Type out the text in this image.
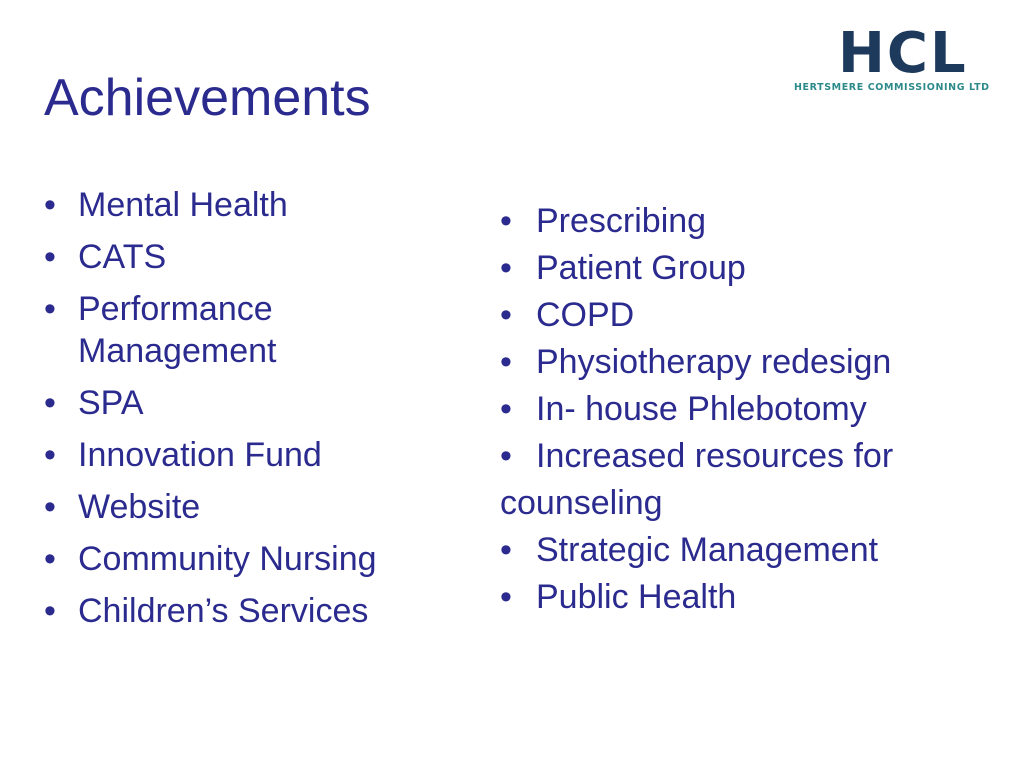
Achievements
HCL
HERTSMERE COMMISSIONING LTD
• Mental Health
• CATS
• Performance Management
• SPA
• Innovation Fund
• Website
• Community Nursing
• Children’s Services
• Prescribing
• Patient Group
• COPD
• Physiotherapy redesign
• In- house Phlebotomy
• Increased resources for
counseling
• Strategic Management
• Public Health
